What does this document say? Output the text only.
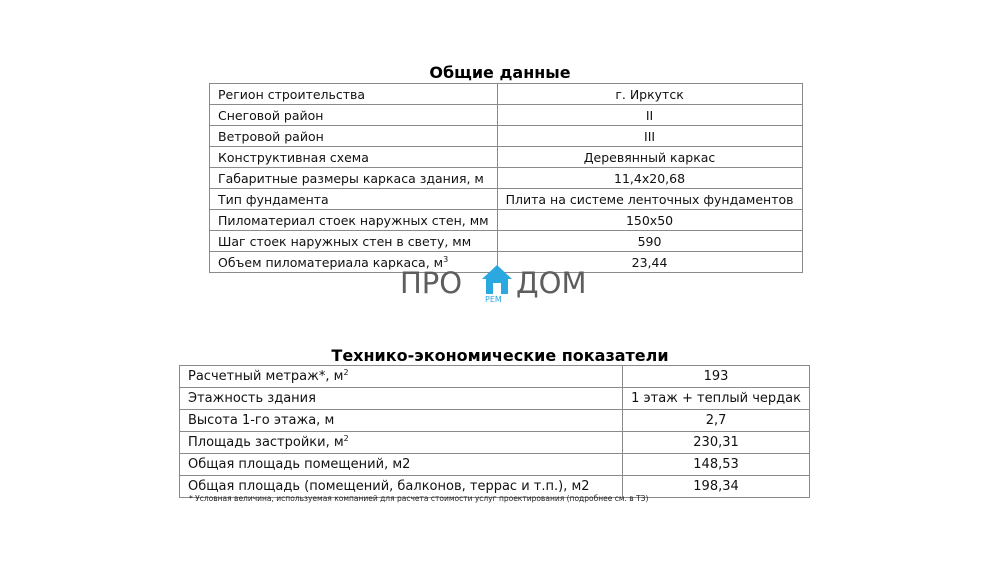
Общие данные
Регион строительства	г. Иркутск
Снеговой район	II
Ветровой район	III
Конструктивная схема	Деревянный каркас
Габаритные размеры каркаса здания, м	11,4х20,68
Тип фундамента	Плита на системе ленточных фундаментов
Пиломатериал стоек наружных стен, мм	150х50
Шаг стоек наружных стен в свету, мм	590
Объем пиломатериала каркаса, $м^3$	23,44
ПРО	РЕМ ДОМ
Технико-экономические показатели
Расчетный метраж*, $м^2$	193
Этажность здания	1 этаж + теплый чердак
Высота 1-го этажа, м	2,7
Площадь застройки, $м^2$	230,31
Общая площадь помещений, м2	148,53
Общая площадь (помещений, балконов, террас и т.п.), м2	198,34
* Условная величина, используемая компанией для расчета стоимости услуг проектирования (подробнее см. в ТЗ)
